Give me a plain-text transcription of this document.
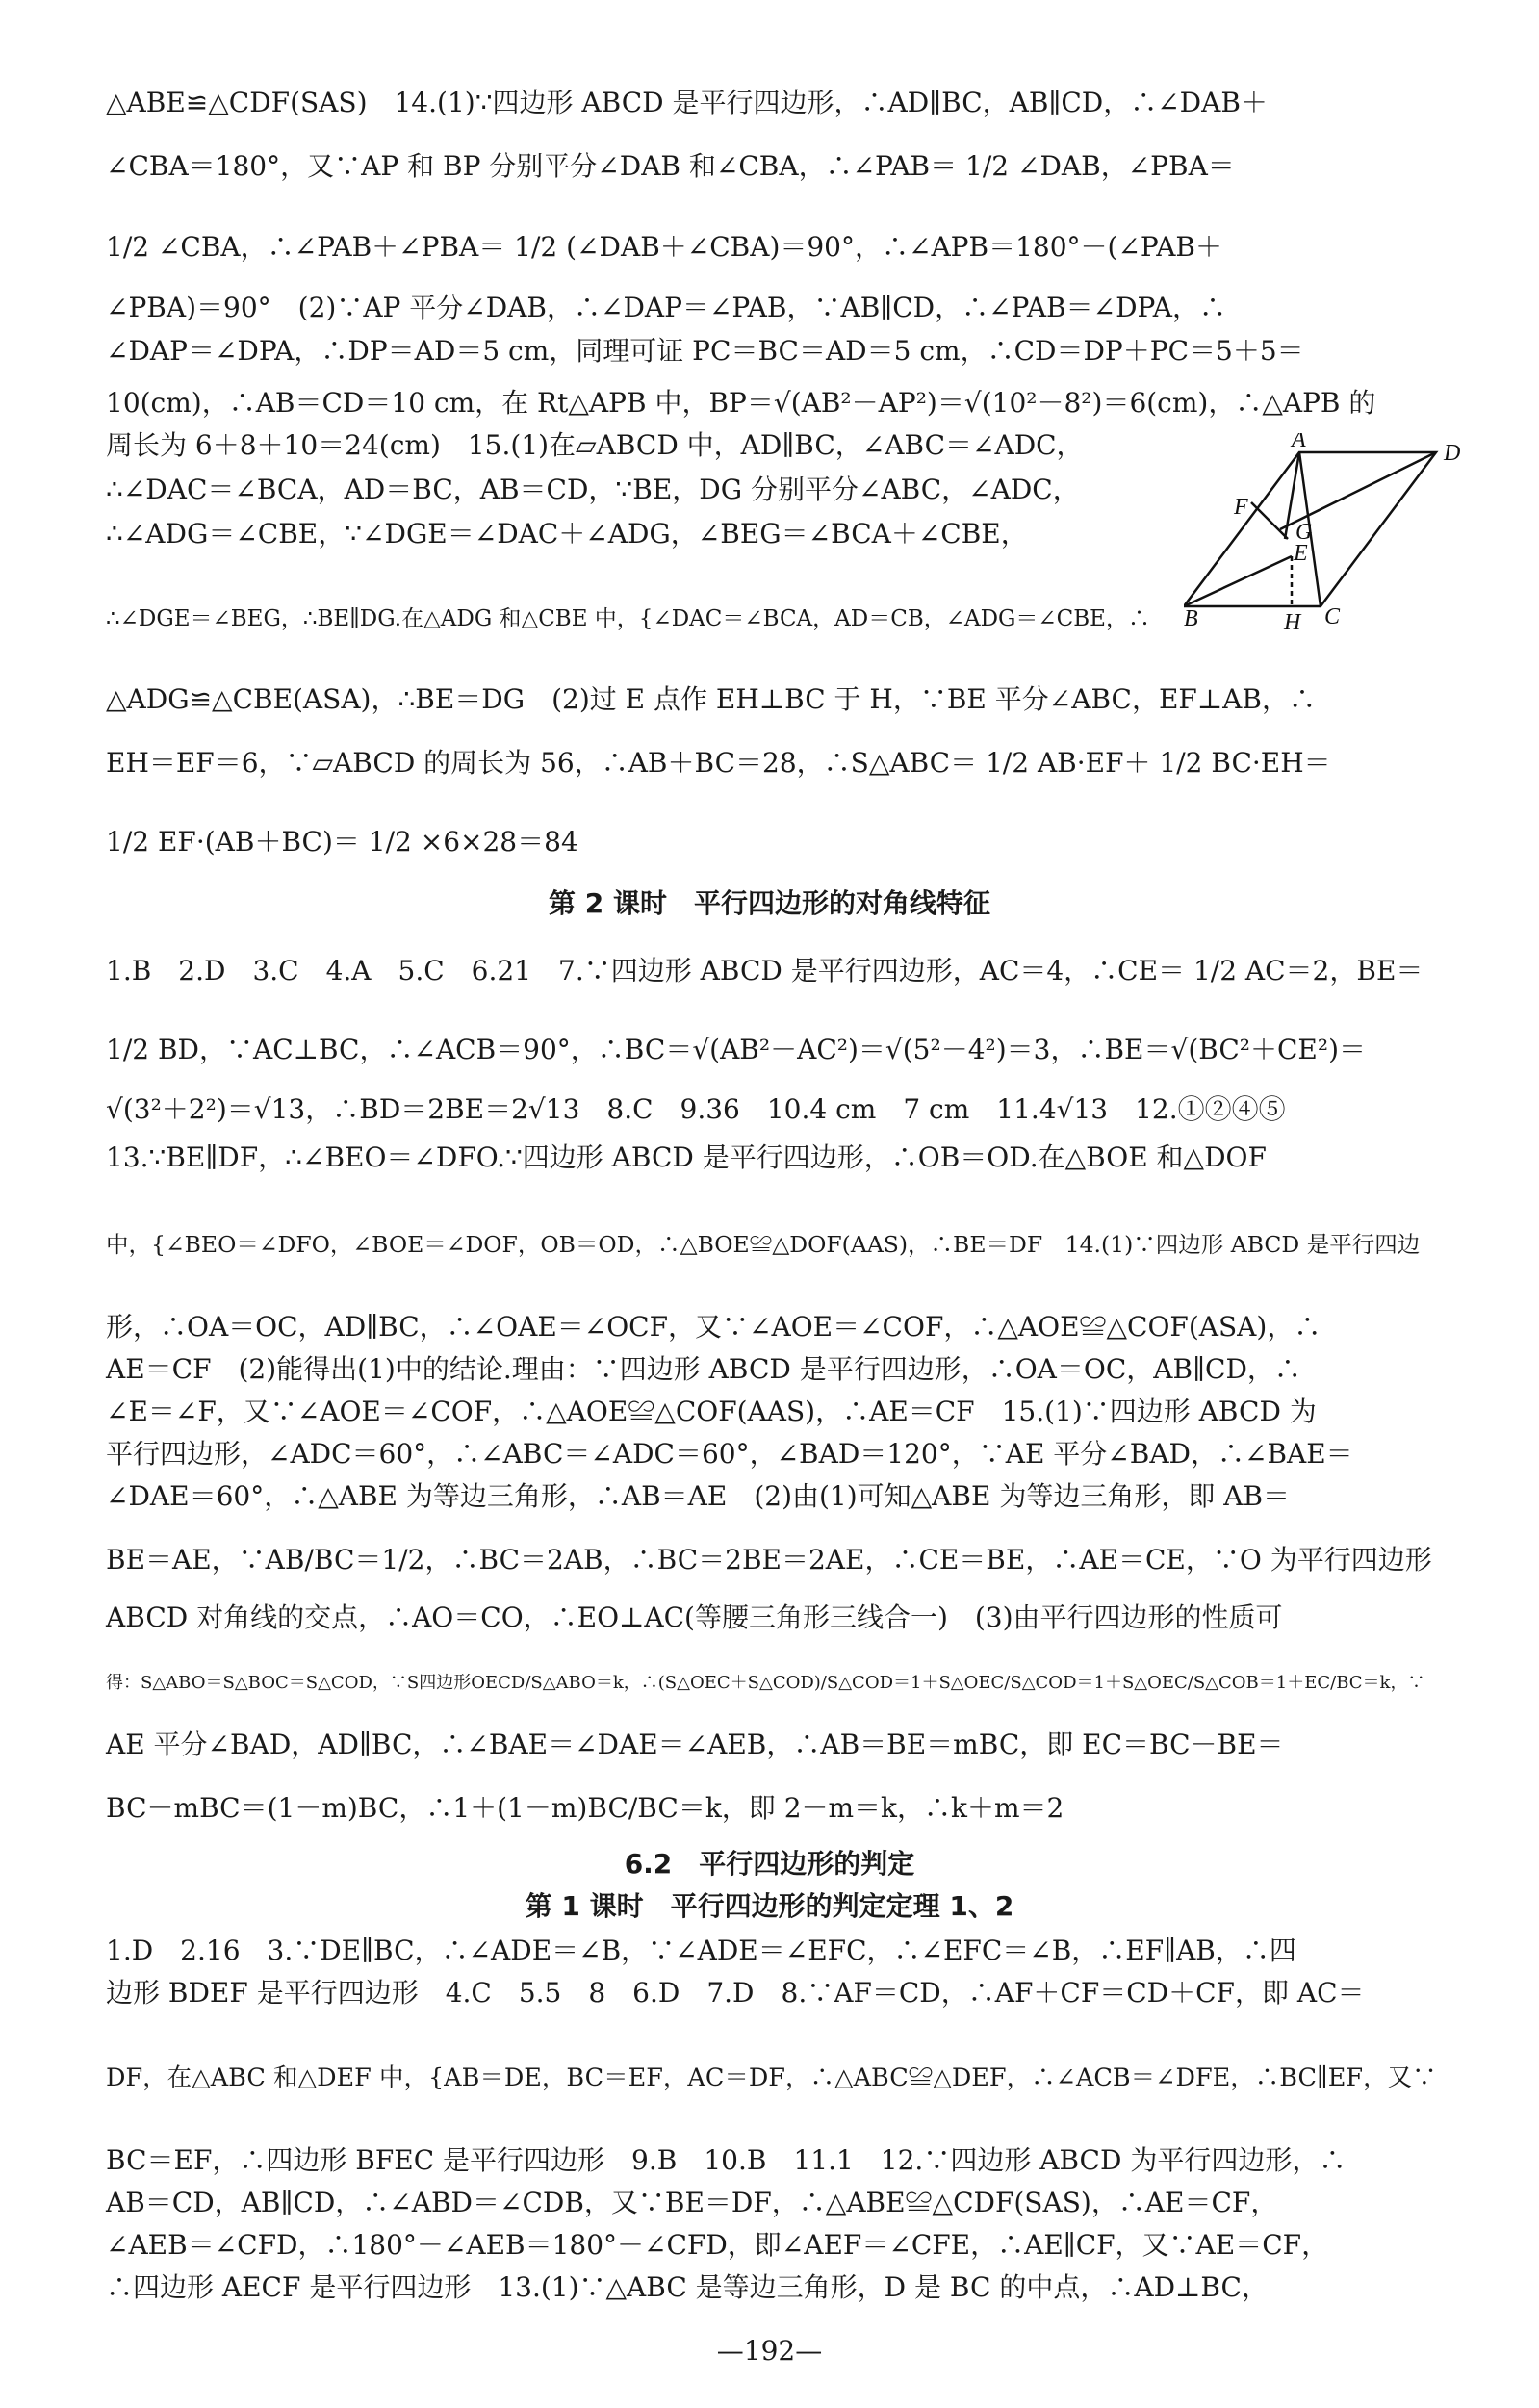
△ABE≌△CDF(SAS)　14.(1)∵四边形 ABCD 是平行四边形，∴AD∥BC，AB∥CD，∴∠DAB＋
∠CBA＝180°，又∵AP 和 BP 分别平分∠DAB 和∠CBA，∴∠PAB＝ 1/2 ∠DAB，∠PBA＝
1/2 ∠CBA，∴∠PAB＋∠PBA＝ 1/2 (∠DAB＋∠CBA)＝90°，∴∠APB＝180°－(∠PAB＋
∠PBA)＝90°　(2)∵AP 平分∠DAB，∴∠DAP＝∠PAB，∵AB∥CD，∴∠PAB＝∠DPA，∴
∠DAP＝∠DPA，∴DP＝AD＝5 cm，同理可证 PC＝BC＝AD＝5 cm，∴CD＝DP＋PC＝5＋5＝
10(cm)，∴AB＝CD＝10 cm，在 Rt△APB 中，BP＝√(AB²－AP²)＝√(10²－8²)＝6(cm)，∴△APB 的
周长为 6＋8＋10＝24(cm)　15.(1)在▱ABCD 中，AD∥BC，∠ABC＝∠ADC，
∴∠DAC＝∠BCA，AD＝BC，AB＝CD，∵BE，DG 分别平分∠ABC，∠ADC，
∴∠ADG＝∠CBE，∵∠DGE＝∠DAC＋∠ADG，∠BEG＝∠BCA＋∠CBE，
∴∠DGE＝∠BEG，∴BE∥DG.在△ADG 和△CBE 中，{∠DAC＝∠BCA，AD＝CB，∠ADG＝∠CBE，∴
△ADG≌△CBE(ASA)，∴BE＝DG　(2)过 E 点作 EH⊥BC 于 H，∵BE 平分∠ABC，EF⊥AB，∴
EH＝EF＝6，∵▱ABCD 的周长为 56，∴AB＋BC＝28，∴S△ABC＝ 1/2 AB·EF＋ 1/2 BC·EH＝
1/2 EF·(AB＋BC)＝ 1/2 ×6×28＝84
A
D
F
G
E
B	H C
第 2 课时　平行四边形的对角线特征
1.B　2.D　3.C　4.A　5.C　6.21　7.∵四边形 ABCD 是平行四边形，AC＝4，∴CE＝ 1/2 AC＝2，BE＝
1/2 BD，∵AC⊥BC，∴∠ACB＝90°，∴BC＝√(AB²－AC²)＝√(5²－4²)＝3，∴BE＝√(BC²＋CE²)＝
√(3²＋2²)＝√13，∴BD＝2BE＝2√13　8.C　9.36　10.4 cm　7 cm　11.4√13　12.①②④⑤
13.∵BE∥DF，∴∠BEO＝∠DFO.∵四边形 ABCD 是平行四边形，∴OB＝OD.在△BOE 和△DOF
中，{∠BEO＝∠DFO，∠BOE＝∠DOF，OB＝OD，∴△BOE≌△DOF(AAS)，∴BE＝DF　14.(1)∵四边形 ABCD 是平行四边
形，∴OA＝OC，AD∥BC，∴∠OAE＝∠OCF，又∵∠AOE＝∠COF，∴△AOE≌△COF(ASA)，∴
AE＝CF　(2)能得出(1)中的结论.理由：∵四边形 ABCD 是平行四边形，∴OA＝OC，AB∥CD，∴
∠E＝∠F，又∵∠AOE＝∠COF，∴△AOE≌△COF(AAS)，∴AE＝CF　15.(1)∵四边形 ABCD 为
平行四边形，∠ADC＝60°，∴∠ABC＝∠ADC＝60°，∠BAD＝120°，∵AE 平分∠BAD，∴∠BAE＝
∠DAE＝60°，∴△ABE 为等边三角形，∴AB＝AE　(2)由(1)可知△ABE 为等边三角形，即 AB＝
BE＝AE，∵AB/BC＝1/2，∴BC＝2AB，∴BC＝2BE＝2AE，∴CE＝BE，∴AE＝CE，∵O 为平行四边形
ABCD 对角线的交点，∴AO＝CO，∴EO⊥AC(等腰三角形三线合一)　(3)由平行四边形的性质可
得：S△ABO＝S△BOC＝S△COD，∵S四边形OECD/S△ABO＝k，∴(S△OEC＋S△COD)/S△COD＝1＋S△OEC/S△COD＝1＋S△OEC/S△COB＝1＋EC/BC＝k，∵
AE 平分∠BAD，AD∥BC，∴∠BAE＝∠DAE＝∠AEB，∴AB＝BE＝mBC，即 EC＝BC－BE＝
BC－mBC＝(1－m)BC，∴1＋(1－m)BC/BC＝k，即 2－m＝k，∴k＋m＝2
6.2　平行四边形的判定
第 1 课时　平行四边形的判定定理 1、2
1.D　2.16　3.∵DE∥BC，∴∠ADE＝∠B，∵∠ADE＝∠EFC，∴∠EFC＝∠B，∴EF∥AB，∴四
边形 BDEF 是平行四边形　4.C　5.5　8　6.D　7.D　8.∵AF＝CD，∴AF＋CF＝CD＋CF，即 AC＝
DF，在△ABC 和△DEF 中，{AB＝DE，BC＝EF，AC＝DF，∴△ABC≌△DEF，∴∠ACB＝∠DFE，∴BC∥EF，又∵
BC＝EF，∴四边形 BFEC 是平行四边形　9.B　10.B　11.1　12.∵四边形 ABCD 为平行四边形，∴
AB＝CD，AB∥CD，∴∠ABD＝∠CDB，又∵BE＝DF，∴△ABE≌△CDF(SAS)，∴AE＝CF，
∠AEB＝∠CFD，∴180°－∠AEB＝180°－∠CFD，即∠AEF＝∠CFE，∴AE∥CF，又∵AE＝CF，
∴四边形 AECF 是平行四边形　13.(1)∵△ABC 是等边三角形，D 是 BC 的中点，∴AD⊥BC，
—192—
